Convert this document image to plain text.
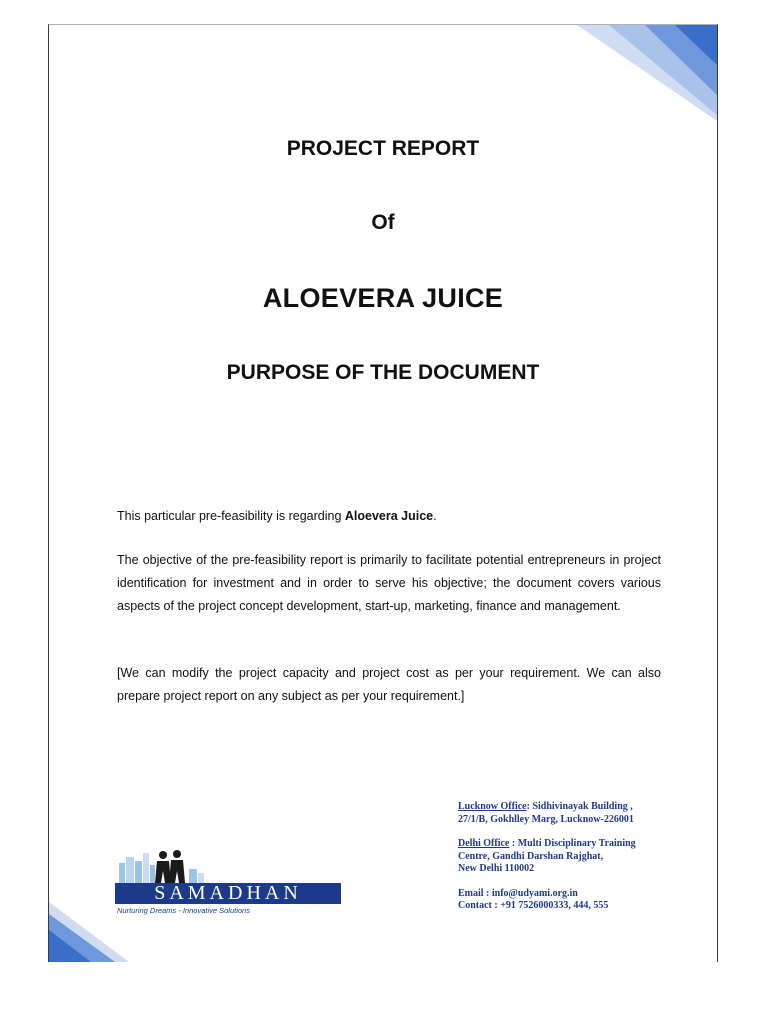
PROJECT REPORT
Of
ALOEVERA JUICE
PURPOSE OF THE DOCUMENT
This particular pre-feasibility is regarding Aloevera Juice.
The objective of the pre-feasibility report is primarily to facilitate potential entrepreneurs in project identification for investment and in order to serve his objective; the document covers various aspects of the project concept development, start-up, marketing, finance and management.
[We can modify the project capacity and project cost as per your requirement. We can also prepare project report on any subject as per your requirement.]
SAMADHAN
Nurturing Dreams - Innovative Solutions
Lucknow Office: Sidhivinayak Building ,
27/1/B, Gokhlley Marg, Lucknow-226001
Delhi Office : Multi Disciplinary Training
Centre, Gandhi Darshan Rajghat,
New Delhi 110002
Email : info@udyami.org.in
Contact : +91 7526000333, 444, 555
